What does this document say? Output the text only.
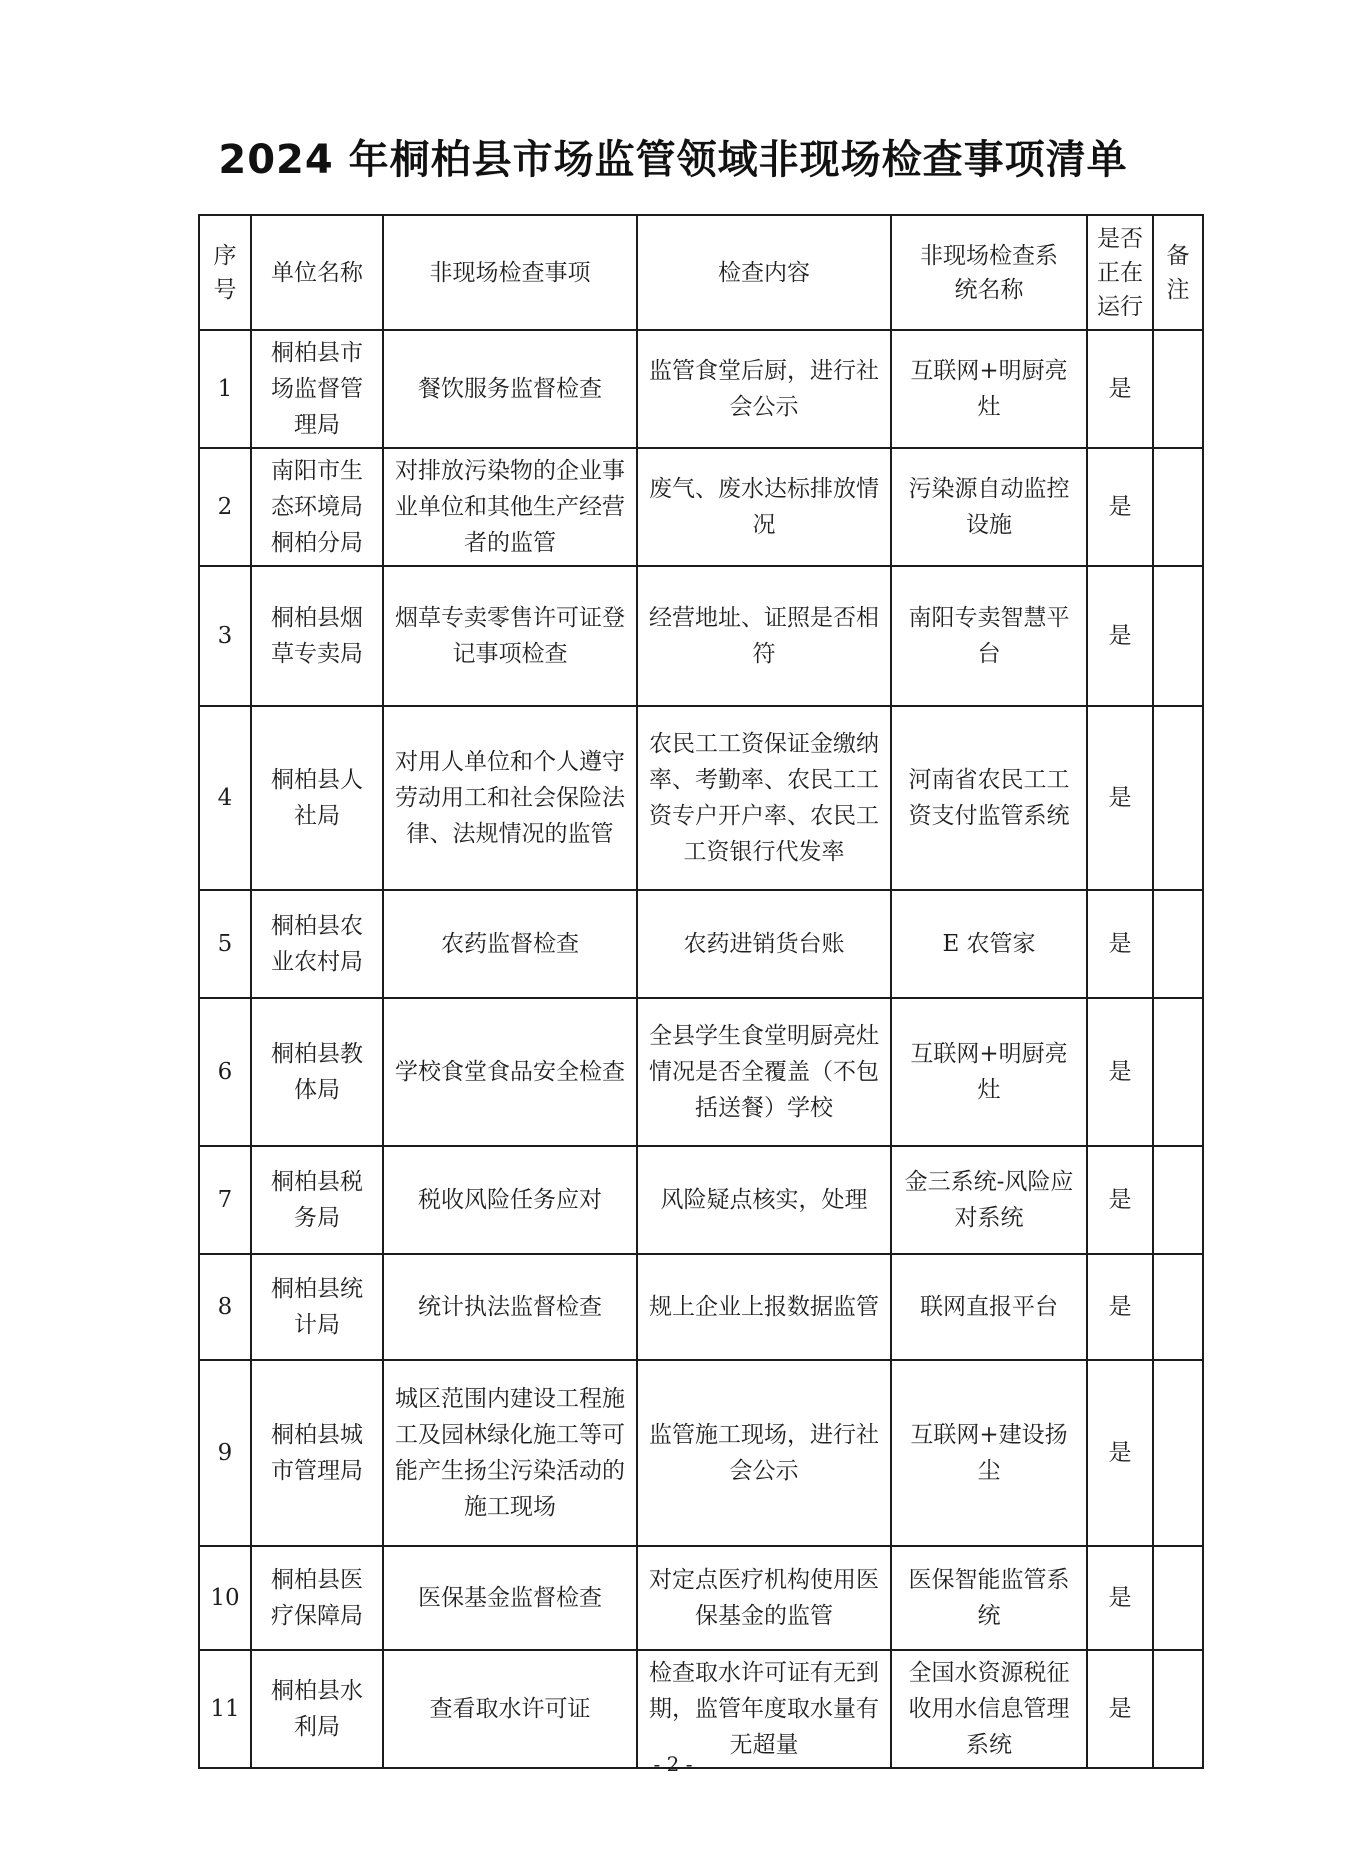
2024 年桐柏县市场监管领域非现场检查事项清单
序号	单位名称	非现场检查事项	检查内容	非现场检查系统名称	是否正在运行	备注
1	桐柏县市场监督管理局	餐饮服务监督检查	监管食堂后厨，进行社会公示	互联网+明厨亮灶	是	
2	南阳市生态环境局桐柏分局	对排放污染物的企业事业单位和其他生产经营者的监管	废气、废水达标排放情况	污染源自动监控设施	是	
3	桐柏县烟草专卖局	烟草专卖零售许可证登记事项检查	经营地址、证照是否相符	南阳专卖智慧平台	是	
4	桐柏县人社局	对用人单位和个人遵守劳动用工和社会保险法律、法规情况的监管	农民工工资保证金缴纳率、考勤率、农民工工资专户开户率、农民工工资银行代发率	河南省农民工工资支付监管系统	是	
5	桐柏县农业农村局	农药监督检查	农药进销货台账	E 农管家	是	
6	桐柏县教体局	学校食堂食品安全检查	全县学生食堂明厨亮灶情况是否全覆盖（不包括送餐）学校	互联网+明厨亮灶	是	
7	桐柏县税务局	税收风险任务应对	风险疑点核实，处理	金三系统-风险应对系统	是	
8	桐柏县统计局	统计执法监督检查	规上企业上报数据监管	联网直报平台	是	
9	桐柏县城市管理局	城区范围内建设工程施工及园林绿化施工等可能产生扬尘污染活动的施工现场	监管施工现场，进行社会公示	互联网+建设扬尘	是	
10	桐柏县医疗保障局	医保基金监督检查	对定点医疗机构使用医保基金的监管	医保智能监管系统	是	
11	桐柏县水利局	查看取水许可证	检查取水许可证有无到期，监管年度取水量有无超量	全国水资源税征收用水信息管理系统	是	
- 2 -
